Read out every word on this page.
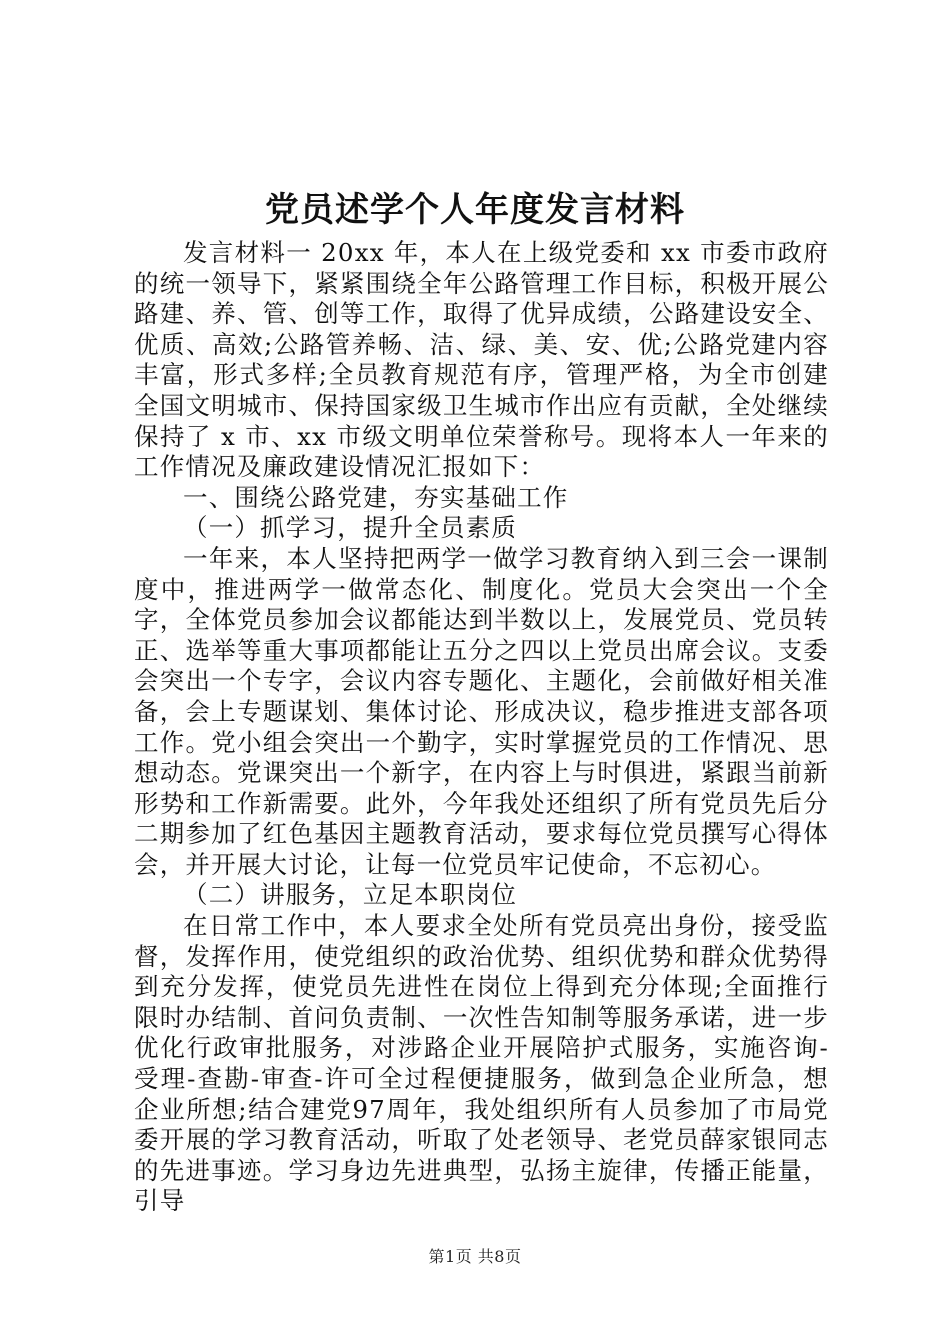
党员述学个人年度发言材料

发言材料一 20xx 年，本人在上级党委和 xx 市委市政府的统一领导下，紧紧围绕全年公路管理工作目标，积极开展公路建、养、管、创等工作，取得了优异成绩，公路建设安全、优质、高效;公路管养畅、洁、绿、美、安、优;公路党建内容丰富，形式多样;全员教育规范有序，管理严格，为全市创建全国文明城市、保持国家级卫生城市作出应有贡献，全处继续保持了 x 市、xx 市级文明单位荣誉称号。现将本人一年来的工作情况及廉政建设情况汇报如下：

一、围绕公路党建，夯实基础工作

（一）抓学习，提升全员素质

一年来，本人坚持把两学一做学习教育纳入到三会一课制度中，推进两学一做常态化、制度化。党员大会突出一个全字，全体党员参加会议都能达到半数以上，发展党员、党员转正、选举等重大事项都能让五分之四以上党员出席会议。支委会突出一个专字，会议内容专题化、主题化，会前做好相关准备，会上专题谋划、集体讨论、形成决议，稳步推进支部各项工作。党小组会突出一个勤字，实时掌握党员的工作情况、思想动态。党课突出一个新字，在内容上与时俱进，紧跟当前新形势和工作新需要。此外，今年我处还组织了所有党员先后分二期参加了红色基因主题教育活动，要求每位党员撰写心得体会，并开展大讨论，让每一位党员牢记使命，不忘初心。

（二）讲服务，立足本职岗位

在日常工作中，本人要求全处所有党员亮出身份，接受监督，发挥作用，使党组织的政治优势、组织优势和群众优势得到充分发挥，使党员先进性在岗位上得到充分体现;全面推行限时办结制、首问负责制、一次性告知制等服务承诺，进一步优化行政审批服务，对涉路企业开展陪护式服务，实施咨询-受理-查勘-审查-许可全过程便捷服务，做到急企业所急，想企业所想;结合建党97周年，我处组织所有人员参加了市局党委开展的学习教育活动，听取了处老领导、老党员薛家银同志的先进事迹。学习身边先进典型，弘扬主旋律，传播正能量，引导

第1页 共8页
